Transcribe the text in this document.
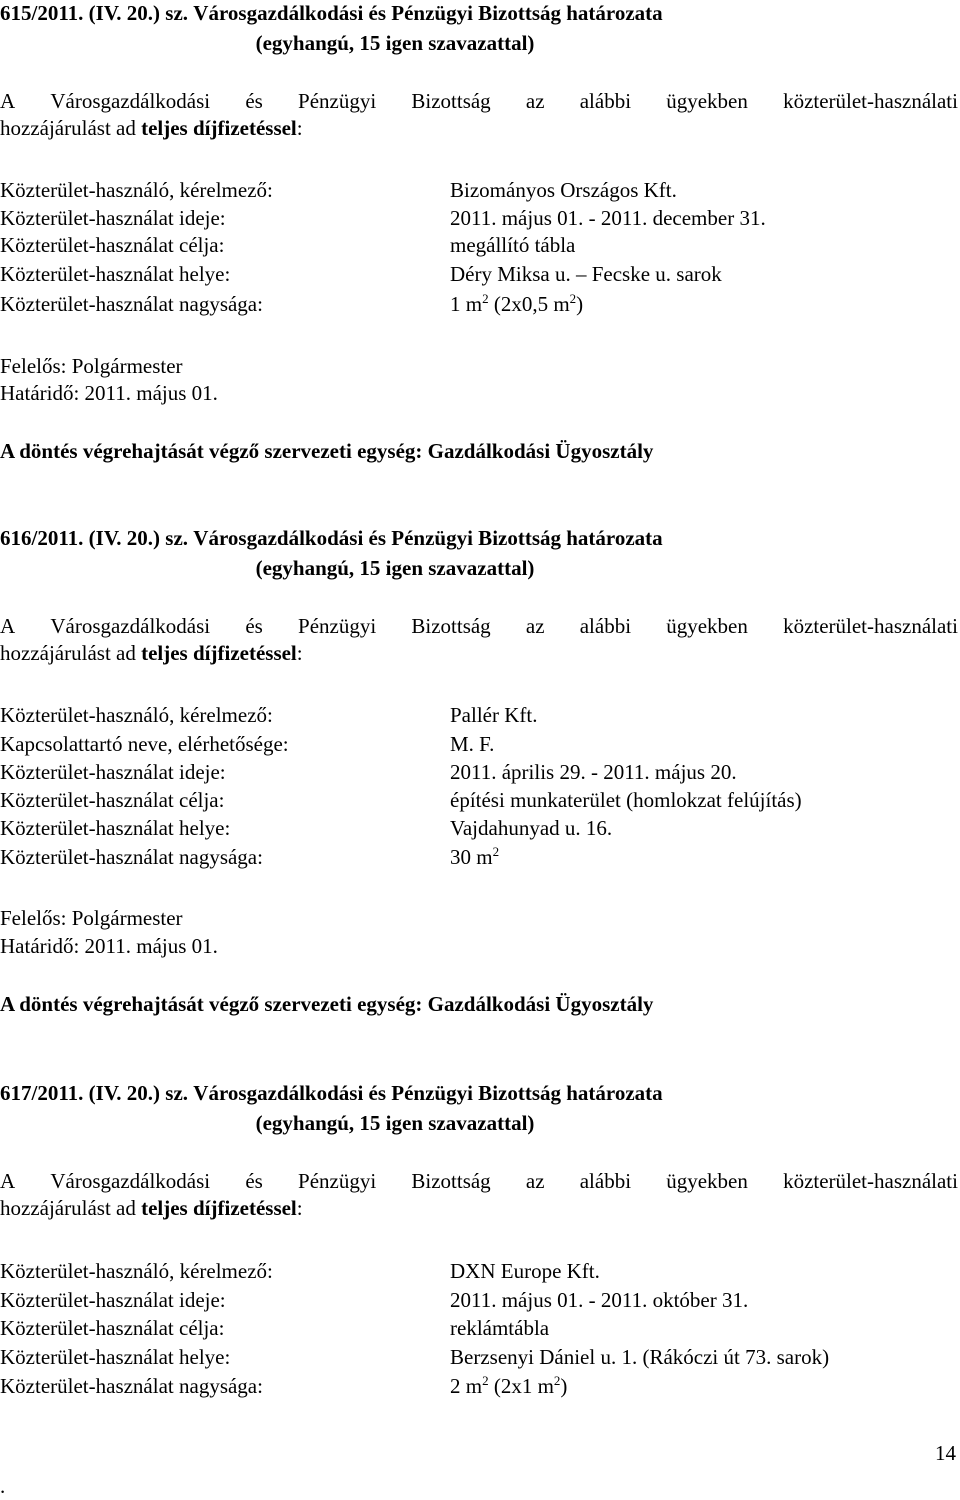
615/2011. (IV. 20.) sz. Városgazdálkodási és Pénzügyi Bizottság határozata
(egyhangú, 15 igen szavazattal)
A Városgazdálkodási és Pénzügyi Bizottság az alábbi ügyekben közterület-használati
hozzájárulást ad teljes díjfizetéssel:
Közterület-használó, kérelmező:	Bizományos Országos Kft.
Közterület-használat ideje:	2011. május 01. - 2011. december 31.
Közterület-használat célja:	megállító tábla
Közterület-használat helye:	Déry Miksa u. – Fecske u. sarok
Közterület-használat nagysága:	1 $m^2$ (2x0,5 $m^2$)
Felelős: Polgármester
Határidő: 2011. május 01.
A döntés végrehajtását végző szervezeti egység: Gazdálkodási Ügyosztály
616/2011. (IV. 20.) sz. Városgazdálkodási és Pénzügyi Bizottság határozata
(egyhangú, 15 igen szavazattal)
A Városgazdálkodási és Pénzügyi Bizottság az alábbi ügyekben közterület-használati
hozzájárulást ad teljes díjfizetéssel:
Közterület-használó, kérelmező:	Pallér Kft.
Kapcsolattartó neve, elérhetősége:	M. F.
Közterület-használat ideje:	2011. április 29. - 2011. május 20.
Közterület-használat célja:	építési munkaterület (homlokzat felújítás)
Közterület-használat helye:	Vajdahunyad u. 16.
Közterület-használat nagysága:	30 $m^2$
Felelős: Polgármester
Határidő: 2011. május 01.
A döntés végrehajtását végző szervezeti egység: Gazdálkodási Ügyosztály
617/2011. (IV. 20.) sz. Városgazdálkodási és Pénzügyi Bizottság határozata
(egyhangú, 15 igen szavazattal)
A Városgazdálkodási és Pénzügyi Bizottság az alábbi ügyekben közterület-használati
hozzájárulást ad teljes díjfizetéssel:
Közterület-használó, kérelmező:	DXN Europe Kft.
Közterület-használat ideje:	2011. május 01. - 2011. október 31.
Közterület-használat célja:	reklámtábla
Közterület-használat helye:	Berzsenyi Dániel u. 1. (Rákóczi út 73. sarok)
Közterület-használat nagysága:	2 $m^2$ (2x1 $m^2$)
14
.
